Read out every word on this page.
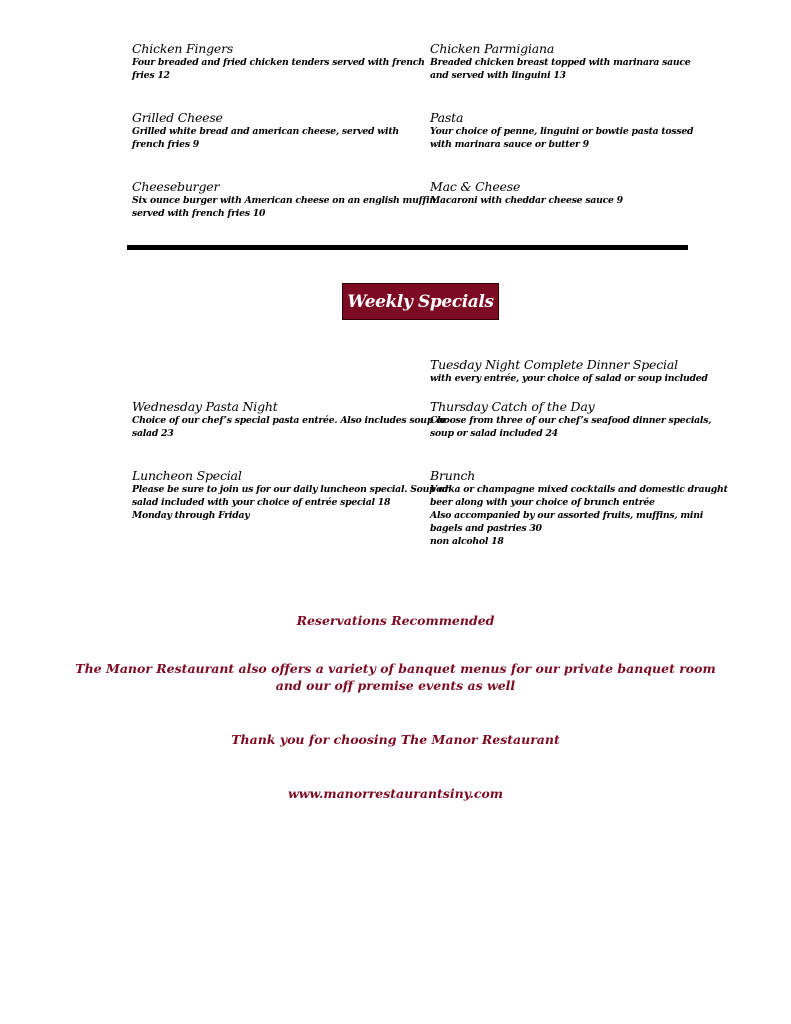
Chicken Fingers
Four breaded and fried chicken tenders served with french
fries 12
Chicken Parmigiana
Breaded chicken breast topped with marinara sauce
and served with linguini 13
Grilled Cheese
Grilled white bread and american cheese, served with
french fries 9
Pasta
Your choice of penne, linguini or bowtie pasta tossed
with marinara sauce or butter 9
Cheeseburger
Six ounce burger with American cheese on an english muffin
served with french fries 10
Mac & Cheese
Macaroni with cheddar cheese sauce 9
Weekly Specials
Tuesday Night Complete Dinner Special
with every entrée, your choice of salad or soup included
Wednesday Pasta Night
Choice of our chef’s special pasta entrée. Also includes soup or
salad 23
Thursday Catch of the Day
Choose from three of our chef’s seafood dinner specials,
soup or salad included 24
Luncheon Special
Please be sure to join us for our daily luncheon special. Soup or
salad included with your choice of entrée special 18
Monday through Friday
Brunch
Vodka or champagne mixed cocktails and domestic draught
beer along with your choice of brunch entrée
Also accompanied by our assorted fruits, muffins, mini
bagels and pastries 30
non alcohol 18
Reservations Recommended
The Manor Restaurant also offers a variety of banquet menus for our private banquet room
and our off premise events as well
Thank you for choosing The Manor Restaurant
www.manorrestaurantsiny.com
